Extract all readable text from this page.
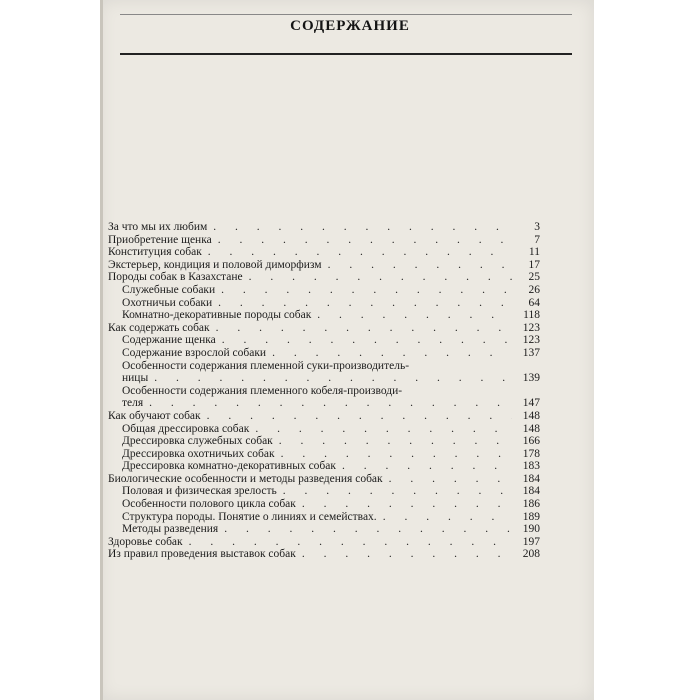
СОДЕРЖАНИЕ
За что мы их любим . . .	3
Приобретение щенка . . .	7
Конституция собак . . .	11
Экстерьер, кондиция и половой диморфизм . . .	17
Породы собак в Казахстане . . .	25
Служебные собаки . . .	26
Охотничьи собаки . . .	64
Комнатно-декоративные породы собак . . .	118
Как содержать собак . . .	123
Содержание щенка . . .	123
Содержание взрослой собаки . . .	137
Особенности содержания племенной суки-производитель-
ницы . . .	139
Особенности содержания племенного кобеля-производи-
теля . . .	147
Как обучают собак . . .	148
Общая дрессировка собак . . .	148
Дрессировка служебных собак . . .	166
Дрессировка охотничьих собак . . .	178
Дрессировка комнатно-декоративных собак . . .	183
Биологические особенности и методы разведения собак . . .	184
Половая и физическая зрелость . . .	184
Особенности полового цикла собак . . .	186
Структура породы. Понятие о линиях и семействах. . . .	189
Методы разведения . . .	190
Здоровье собак . . .	197
Из правил проведения выставок собак . . .	208
